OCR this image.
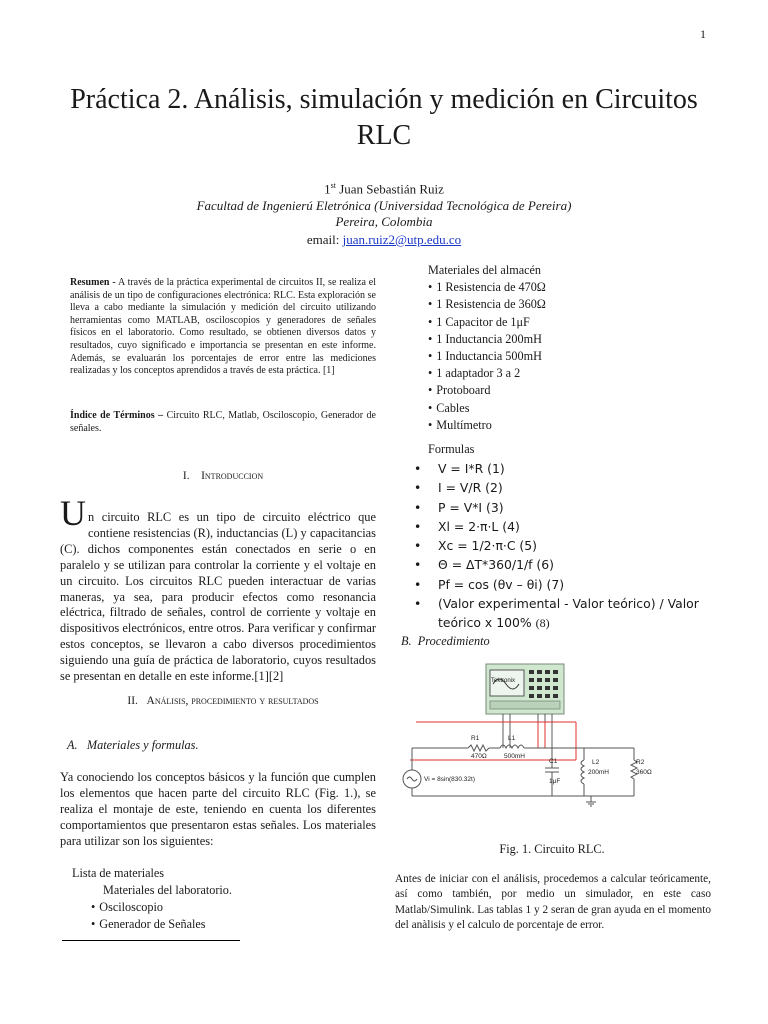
1
Práctica 2. Análisis, simulación y medición en Circuitos RLC
1st Juan Sebastián Ruiz
Facultad de Ingenierú Eletrónica (Universidad Tecnológica de Pereira)
Pereira, Colombia
email: juan.ruiz2@utp.edu.co

Resumen - A través de la práctica experimental de circuitos II, se realiza el análisis de un tipo de configuraciones electrónica: RLC. Esta exploración se lleva a cabo mediante la simulación y medición del circuito utilizando herramientas como MATLAB, osciloscopios y generadores de señales físicos en el laboratorio. Como resultado, se obtienen diversos datos y resultados, cuyo significado e importancia se presentan en este informe. Además, se evaluarán los porcentajes de error entre las mediciones realizadas y los conceptos aprendidos a través de esta práctica. [1]

Índice de Términos – Circuito RLC, Matlab, Osciloscopio, Generador de señales.

I. Introduccion

U n circuito RLC es un tipo de circuito eléctrico que contiene resistencias (R), inductancias (L) y capacitancias (C). dichos componentes están conectados en serie o en paralelo y se utilizan para controlar la corriente y el voltaje en un circuito. Los circuitos RLC pueden interactuar de varias maneras, ya sea, para producir efectos como resonancia eléctrica, filtrado de señales, control de corriente y voltaje en dispositivos electrónicos, entre otros. Para verificar y confirmar estos conceptos, se llevaron a cabo diversos procedimientos siguiendo una guía de práctica de laboratorio, cuyos resultados se presentan en detalle en este informe.[1][2]

II. Análisis, procedimiento y resultados
A. Materiales y formulas.

Ya conociendo los conceptos básicos y la función que cumplen los elementos que hacen parte del circuito RLC (Fig. 1.), se realiza el montaje de este, teniendo en cuenta los diferentes comportamientos que presentaron estas señales. Los materiales para utilizar son los siguientes:

Lista de materiales
Materiales del laboratorio.
• Osciloscopio
• Generador de Señales
Materiales del almacén
• 1 Resistencia de 470Ω
• 1 Resistencia de 360Ω
• 1 Capacitor de 1μF
• 1 Inductancia 200mH
• 1 Inductancia 500mH
• 1 adaptador 3 a 2
• Protoboard
• Cables
• Multímetro
Formulas
• V = I*R (1)
• I = V/R (2)
• P = V*I (3)
• Xl = 2·π·L (4)
• Xc = 1/2·π·C (5)
• Θ = ΔT*360/1/f (6)
• Pf = cos (θv – θi) (7)
• (Valor experimental - Valor teórico) / Valor teórico x 100% (8)
B. Procedimiento
Tektronix
R1
470Ω
L1
500mH
C1
1μF
L2
200mH
R2
360Ω
Vi = 8sin(830.32t)
Fig. 1. Circuito RLC.

Antes de iniciar con el análisis, procedemos a calcular teóricamente, así como también, por medio un simulador, en este caso Matlab/Simulink. Las tablas 1 y 2 seran de gran ayuda en el momento del anàlisis y el calculo de porcentaje de error.
